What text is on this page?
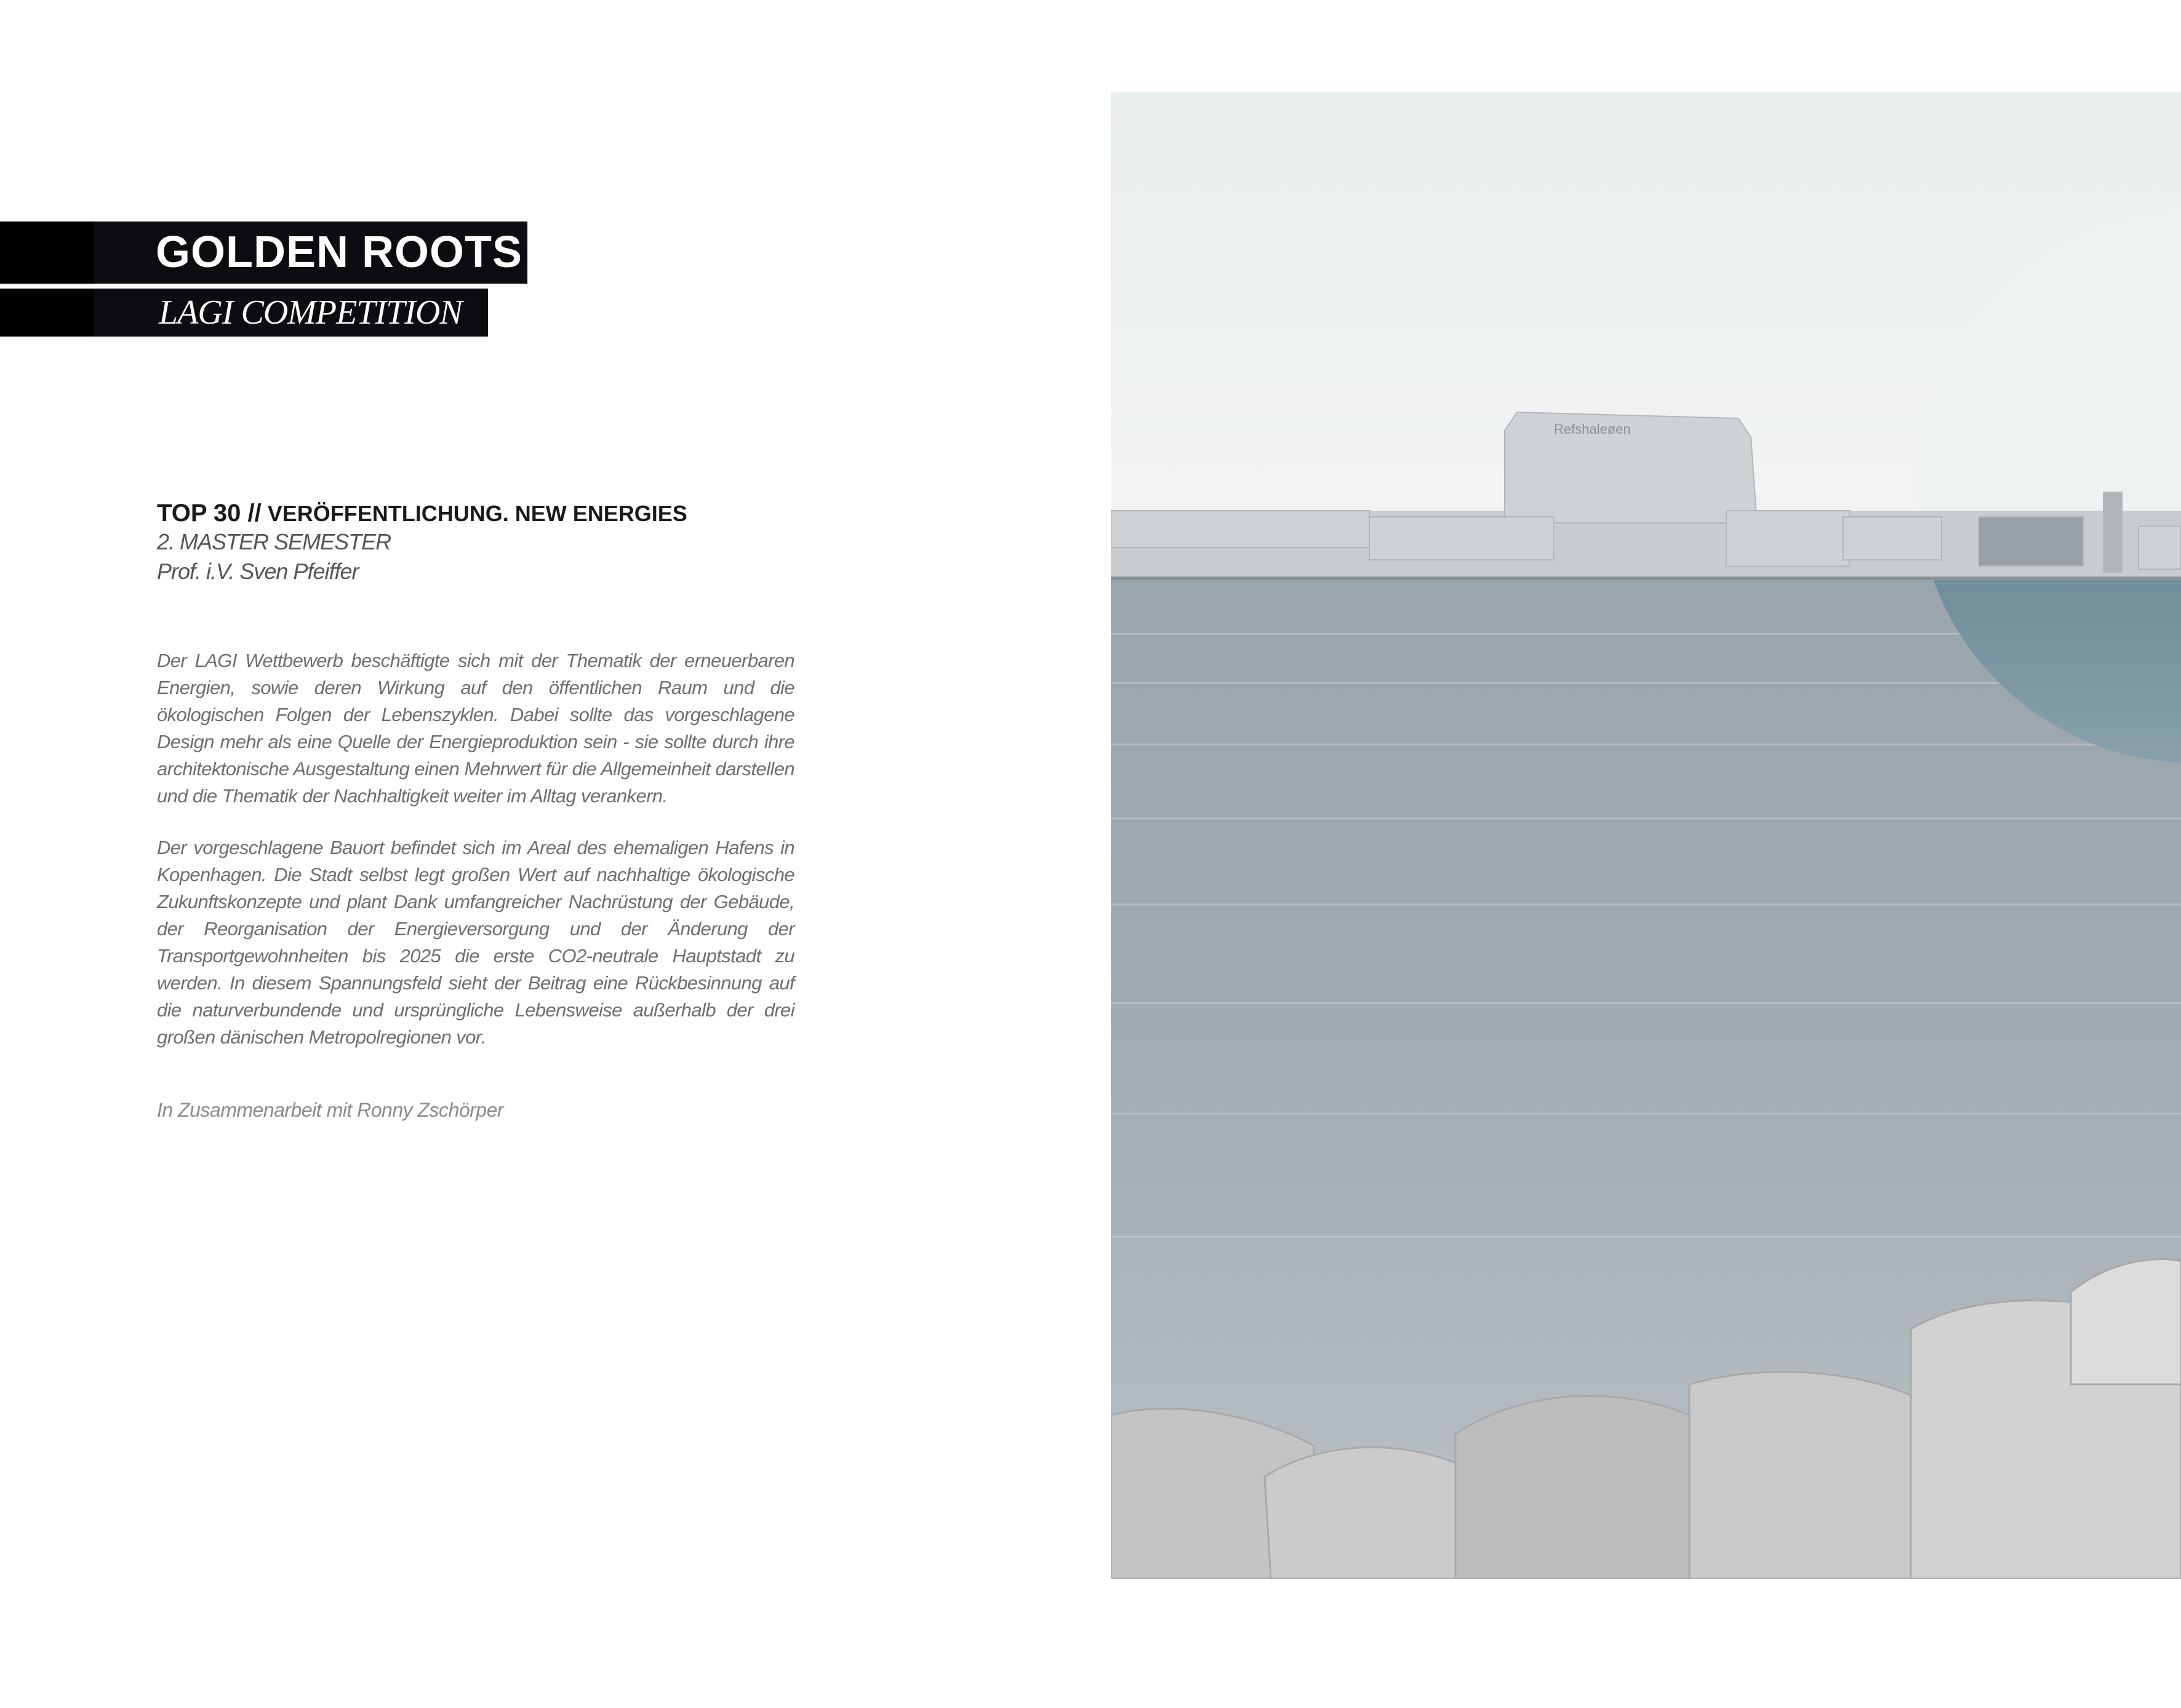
GOLDEN ROOTS
LAGI COMPETITION
TOP 30 // VERÖFFENTLICHUNG. NEW ENERGIES
2. MASTER SEMESTER
Prof. i.V. Sven Pfeiffer

Der LAGI Wettbewerb beschäftigte sich mit der Thematik der erneuerbaren Energien, sowie deren Wirkung auf den öffentlichen Raum und die ökologischen Folgen der Lebenszyklen. Dabei sollte das vorgeschlagene Design mehr als eine Quelle der Energieproduktion sein - sie sollte durch ihre architektonische Ausgestaltung einen Mehrwert für die Allgemeinheit darstellen und die Thematik der Nachhaltigkeit weiter im Alltag verankern.

Der vorgeschlagene Bauort befindet sich im Areal des ehemaligen Hafens in Kopenhagen. Die Stadt selbst legt großen Wert auf nachhaltige ökologische Zukunftskonzepte und plant Dank umfangreicher Nachrüstung der Gebäude, der Reorganisation der Energieversorgung und der Änderung der Transportgewohnheiten bis 2025 die erste CO2-neutrale Hauptstadt zu werden. In diesem Spannungsfeld sieht der Beitrag eine Rückbesinnung auf die naturverbundende und ursprüngliche Lebensweise außerhalb der drei großen dänischen Metropolregionen vor.

In Zusammenarbeit mit Ronny Zschörper
Refshaleøen
